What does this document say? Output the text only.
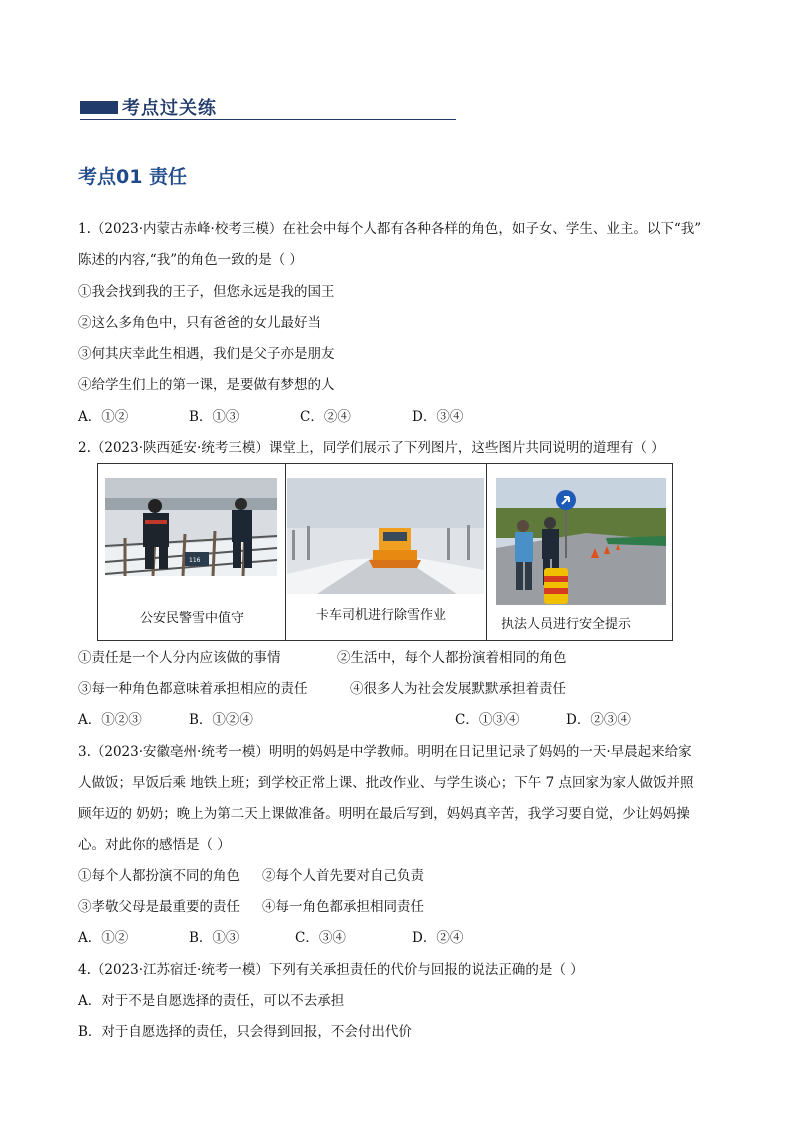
考点过关练
考点01 责任
1.（2023·内蒙古赤峰·校考三模）在社会中每个人都有各种各样的角色，如子女、学生、业主。以下“我”
陈述的内容,“我”的角色一致的是（ ）
①我会找到我的王子，但您永远是我的国王
②这么多角色中，只有爸爸的女儿最好当
③何其庆幸此生相遇，我们是父子亦是朋友
④给学生们上的第一课，是要做有梦想的人
A．①②	B．①③	C．②④	D．③④
2.（2023·陕西延安·统考三模）课堂上，同学们展示了下列图片，这些图片共同说明的道理有（ ）
116
公安民警雪中值守	卡车司机进行除雪作业
执法人员进行安全提示
①责任是一个人分内应该做的事情	②生活中，每个人都扮演着相同的角色
③每一种角色都意味着承担相应的责任	④很多人为社会发展默默承担着责任
A．①②③	B．①②④	C．①③④	D．②③④
3.（2023·安徽亳州·统考一模）明明的妈妈是中学教师。明明在日记里记录了妈妈的一天·早晨起来给家
人做饭；早饭后乘 地铁上班；到学校正常上课、批改作业、与学生谈心；下午 7 点回家为家人做饭并照
顾年迈的 奶奶；晚上为第二天上课做准备。明明在最后写到，妈妈真辛苦，我学习要自觉，少让妈妈操
心。对此你的感悟是（ ）
①每个人都扮演不同的角色 ②每个人首先要对自己负责
③孝敬父母是最重要的责任 ④每一角色都承担相同责任
A．①②	B．①③	C．③④	D．②④
4.（2023·江苏宿迁·统考一模）下列有关承担责任的代价与回报的说法正确的是（ ）
A．对于不是自愿选择的责任，可以不去承担
B．对于自愿选择的责任，只会得到回报，不会付出代价
